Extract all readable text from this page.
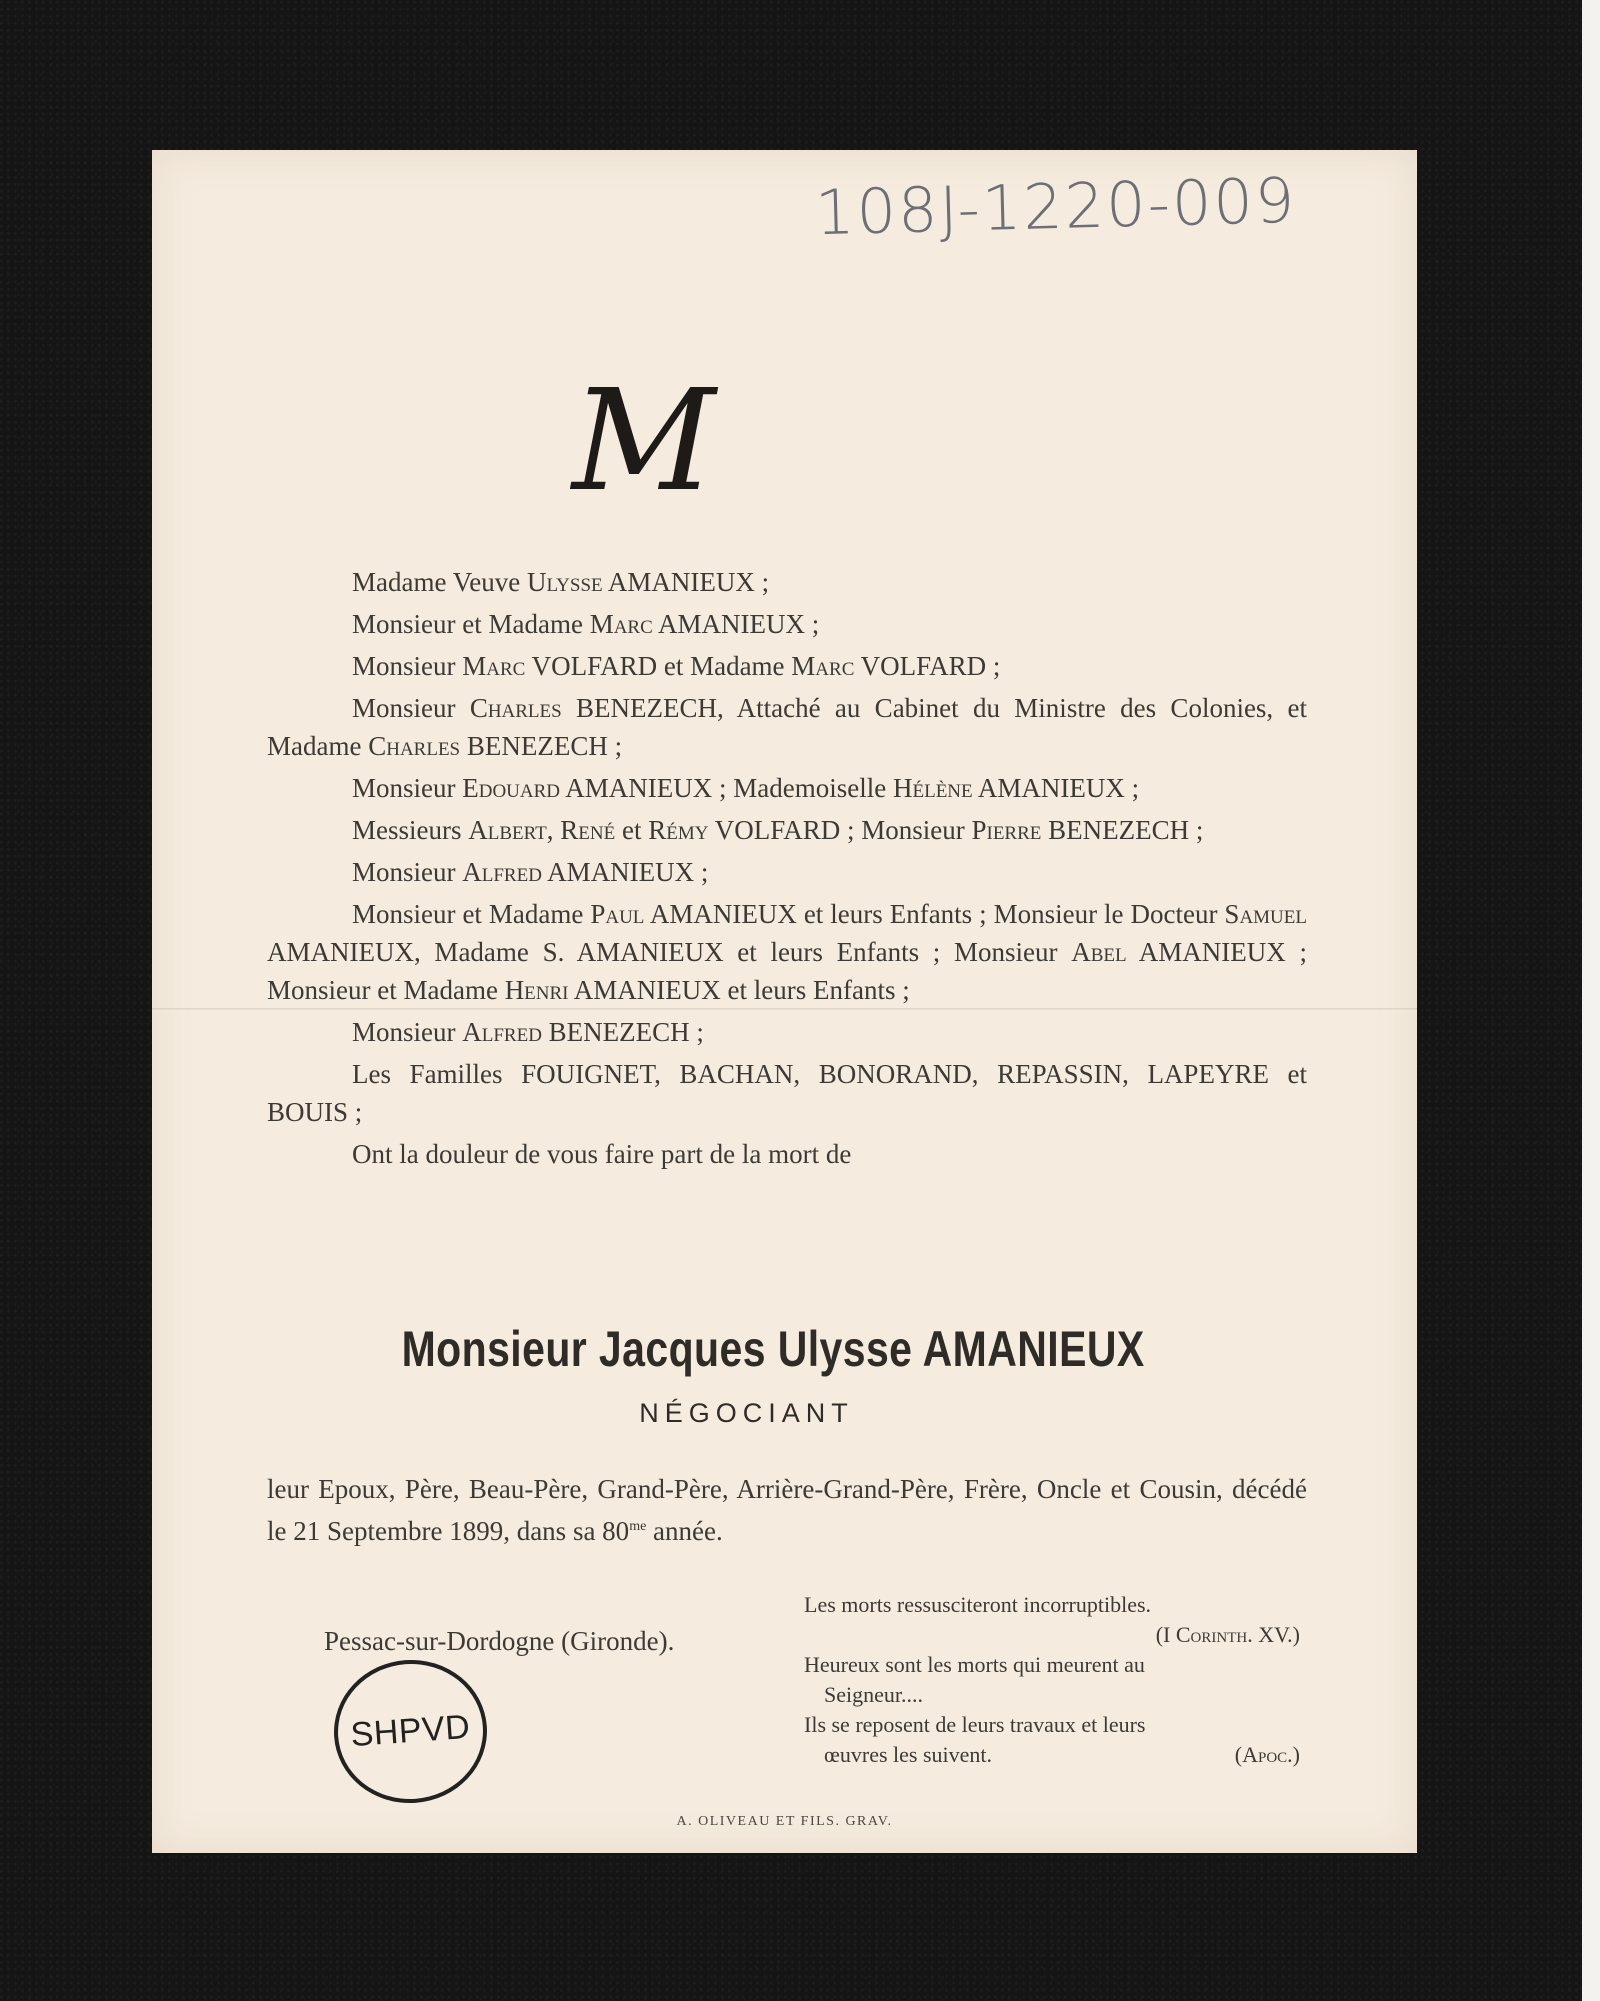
108J-1220-009
M

Madame Veuve Ulysse AMANIEUX ;

Monsieur et Madame Marc AMANIEUX ;

Monsieur Marc VOLFARD et Madame Marc VOLFARD ;

Monsieur Charles BENEZECH, Attaché au Cabinet du Ministre des Colonies, et Madame Charles BENEZECH ;

Monsieur Edouard AMANIEUX ; Mademoiselle Hélène AMANIEUX ;

Messieurs Albert, René et Rémy VOLFARD ; Monsieur Pierre BENEZECH ;

Monsieur Alfred AMANIEUX ;

Monsieur et Madame Paul AMANIEUX et leurs Enfants ; Monsieur le Docteur Samuel AMANIEUX, Madame S. AMANIEUX et leurs Enfants ; Monsieur Abel AMANIEUX ; Monsieur et Madame Henri AMANIEUX et leurs Enfants ;

Monsieur Alfred BENEZECH ;

Les Familles FOUIGNET, BACHAN, BONORAND, REPASSIN, LAPEYRE et BOUIS ;

Ont la douleur de vous faire part de la mort de

Monsieur Jacques Ulysse AMANIEUX
NÉGOCIANT
leur Epoux, Père, Beau-Père, Grand-Père, Arrière-Grand-Père, Frère, Oncle et Cousin, décédé le 21 Septembre 1899, dans sa $80^{me}$ année.
Pessac-sur-Dordogne (Gironde).
SHPVD
Les morts ressusciteront incorruptibles.
(I Corinth. XV.)
Heureux sont les morts qui meurent au
Seigneur....
Ils se reposent de leurs travaux et leurs
œuvres les suivent.	(Apoc.)
A. OLIVEAU ET FILS. GRAV.
